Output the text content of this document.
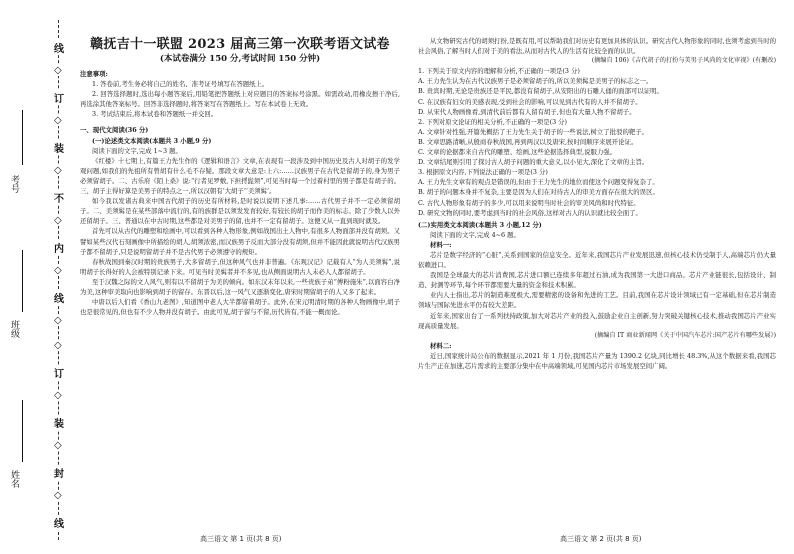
线
◇
订
◇
装
◇
不
◇
内
◇
线
◇
◇
订
◇
装
◇
封
◇
线
考号
班级
姓名
赣抚吉十一联盟 2023 届高三第一次联考语文试卷
(本试卷满分 150 分,考试时间 150 分钟)

注意事项:

1. 答卷前,考生务必将自己的姓名、准考证号填写在答题纸上。

2. 回答选择题时,选出每小题答案后,用铅笔把答题纸上对应题目的答案标号涂黑。如需改动,用橡皮擦干净后,再选涂其他答案标号。回答非选择题时,将答案写在答题纸上。写在本试卷上无效。

3. 考试结束后,将本试卷和答题纸一并交回。

一、现代文阅读(36 分)

(一)论述类文本阅读(本题共 3 小题,9 分)

阅读下面的文字,完成 1~3 题。

《红楼》十七期上,有篇王力先生作的《逻辑和语言》文章,在表现有一段涉及到中国历史及古人对胡子的发学观问题,如我们的先祖所有曾胡有什么毛不存疑。那段文章大意是:上六:……汉族男子在古代是留胡子的,身为男子必须留胡子。二、古乐府《陌上桑》说:“行者见罗敷,下担捋髭须”,可见当时每一个过着村里的男子都是有胡子的。三、胡子主得好算是美男子的特点之一,所以汉朝有‘大胡子’‘美须髯’。

如今我以发诸古典来中国古代胡子的历史有所材料,是时说以说明下述几事:……古代男子并不一定必须留胡子。二、美须髯是在某些部落中流行的,有的族群是以须发发育较好,有较长的胡子而作美的标志。除了少数人以外还留胡子。三、普通以在中古时期,这些都是对美男子的留,也并不一定有留胡子。这便又从一直到现时就及。

首先可以从古代的雕塑和绘画中,可以看到各种人物形象,例如战国出土人物中,有很多人物面部并没有胡须。又譬如某些汉代石刻画像中所描绘的胡人,胡须浓密,而汉族男子反而大部分没有胡须,但并不能因此就说明古代汉族男子都不留胡子,只是说明留胡子并不是古代男子必须遵守的规矩。

春秋战国到秦汉时期的贵族男子,大多留胡子,但这种风气也并非普遍。《东观汉记》记载有人“为人美须髯”,说明胡子长得好的人会被特别记录下来。可见当时美髯者并不多见,也从侧面说明古人未必人人都留胡子。

至于汉魏之际的文人风气,则有以不留胡子为美的倾向。如东汉末年以来,一些贵族子弟“傅粉施朱”,以面容白净为美,这种审美取向也影响到胡子的留存。东晋以后,这一风气又逐渐变化,唐宋时期留胡子的人又多了起来。

中唐以后人们看《香山九老图》,知道图中老人大半都留着胡子。此外,在宋元明清时期的各种人物画像中,胡子也是很常见的,但也有不少人物并没有胡子。由此可见,胡子留与不留,历代皆有,不能一概而论。

从文物研究古代的胡须打扮,是既有用,可以帮助我们对历史有更加具体的认识。研究古代人物形象的同时,也须考虑到当时的社会风俗,了解当时人们对于美的看法,从而对古代人的生活有比较全面的认识。

(摘编自 106)《吉代胡子的打扮与美男子风尚的文化审视》(有删改)

1. 下列关于原文内容的理解和分析,不正确的一项是(3 分)

A. 王力先生认为在古代汉族男子是必须留胡子的,所以美须髯是美男子的标志之一。

B. 贵宾时期,无论是贵族还是平民,都没有留胡子,从安阳出的石雕人俑的面部可以证明。

C. 在汉族有妇女的美感表现,受到社会的影响,可以见到古代有的人并不留胡子。

D. 从宋代人物画像看,到清代前后都有人留有胡子,但也有大量人物不留胡子。

2. 下列对原文论证的相关分析,不正确的一项是(3 分)

A. 文章针对性强,开篇先概括了王力先生关于胡子的一些说法,树立了批驳的靶子。

B. 文章思路清晰,从殷商春秋战国,再到两汉以及唐宋,按时间顺序来展开论证。

C. 文章的论据都来自古代的雕塑、绘画,这些论据选择典型,说服力强。

D. 文章结尾则引用了探讨古人胡子问题的重大意义,以小见大,深化了文章的主旨。

3. 根据原文内容,下列说法正确的一项是(3 分)

A. 王力先生文章有的观点是错误的,但由于王力先生的地位而使这个问题变得复杂了。

B. 胡子的问题本身并不复杂,主要是因为人们在对待古人的审美方面存在很大的误区。

C. 古代人物形象有胡子的多少,可以用来说明当时社会的审美风尚和时代特征。

D. 研究文物的同时,要考虑到当时的社会风俗,这样对古人的认识就比较全面了。

(二)实用类文本阅读(本题共 3 小题,12 分)

阅读下面的文字,完成 4~6 题。

材料一:

芯片是数字经济的“心脏”,关系到国家的信息安全。近年来,我国芯片产业发展迅速,但核心技术仍受制于人,高端芯片仍大量依赖进口。

我国是全球最大的芯片消费国,芯片进口额已连续多年超过石油,成为我国第一大进口商品。芯片产业链很长,包括设计、制造、封测等环节,每个环节都需要大量的资金和技术积累。

业内人士指出,芯片的制造难度极大,需要精密的设备和先进的工艺。目前,我国在芯片设计领域已有一定基础,但在芯片制造领域与国际先进水平仍有较大差距。

近年来,国家出台了一系列扶持政策,加大对芯片产业的投入,鼓励企业自主创新,努力突破关键核心技术,推动我国芯片产业实现高质量发展。

(摘编自 IT 商业新闻网《关于中国汽车芯片:国产芯片有哪些发展》)

材料二:

近日,国家统计局公布的数据显示,2021 年 1 月份,我国芯片产量为 1390.2 亿块,同比增长 48.3%,从这个数据来看,我国芯片生产正在加速,芯片需求的主要部分集中在中高端领域,可见国内芯片市场发展空间广阔。

高三语文 第 1 页(共 8 页)	高三语文 第 2 页(共 8 页)
